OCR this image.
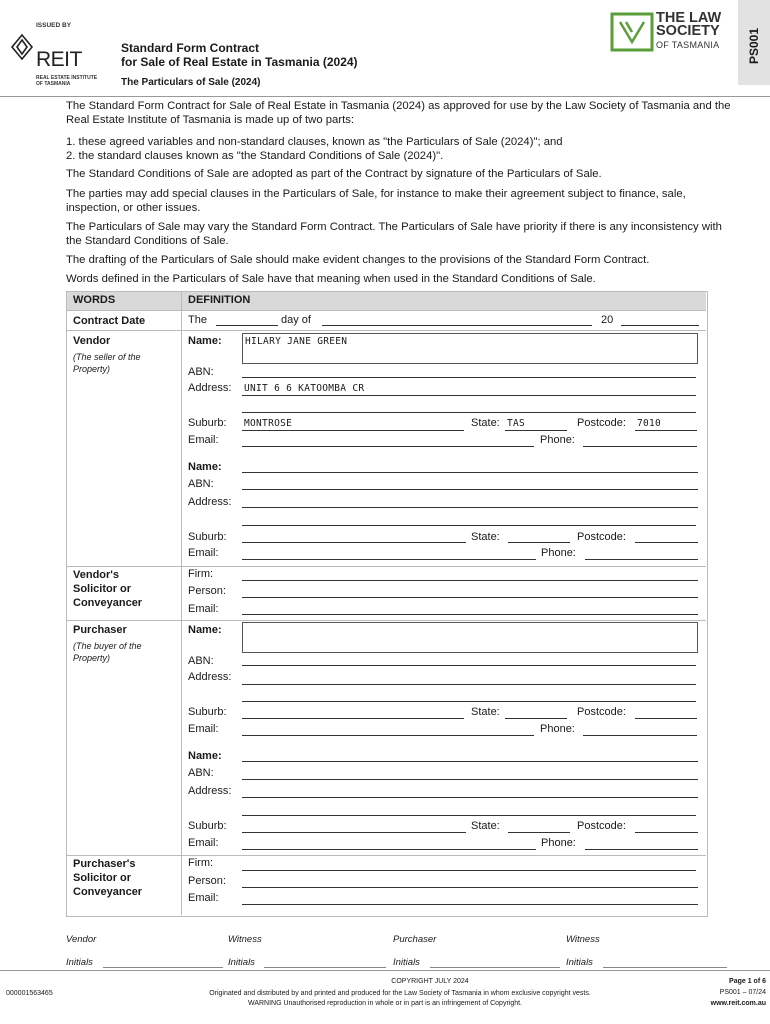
ISSUED BY
REIT
REAL ESTATE INSTITUTE
OF TASMANIA
Standard Form Contract
for Sale of Real Estate in Tasmania (2024)
The Particulars of Sale (2024)
THE LAW
SOCIETY
OF TASMANIA PS001
The Standard Form Contract for Sale of Real Estate in Tasmania (2024) as approved for use by the Law Society of Tasmania and the Real Estate Institute of Tasmania is made up of two parts:
1. these agreed variables and non-standard clauses, known as "the Particulars of Sale (2024)"; and
2. the standard clauses known as "the Standard Conditions of Sale (2024)".
The Standard Conditions of Sale are adopted as part of the Contract by signature of the Particulars of Sale.
The parties may add special clauses in the Particulars of Sale, for instance to make their agreement subject to finance, sale, inspection, or other issues.
The Particulars of Sale may vary the Standard Form Contract. The Particulars of Sale have priority if there is any inconsistency with the Standard Conditions of Sale.
The drafting of the Particulars of Sale should make evident changes to the provisions of the Standard Form Contract.
Words defined in the Particulars of Sale have that meaning when used in the Standard Conditions of Sale.
WORDS	DEFINITION
Contract Date	The	day of	20
Vendor
(The seller of the Property)
Name: HILARY JANE GREEN
ABN:
Address: UNIT 6 6 KATOOMBA CR
Suburb: MONTROSE	State: TAS	Postcode: 7010
Email:	Phone:
Name:
ABN:
Address:
Suburb:	State:	Postcode:
Email:	Phone:
Vendor's
Solicitor or
Conveyancer
Firm:
Person:
Email:
Purchaser
(The buyer of the Property)
Name:
ABN:
Address:
Suburb:	State:	Postcode:
Email:	Phone:
Name:
ABN:
Address:
Suburb:	State:	Postcode:
Email:	Phone:
Purchaser's
Solicitor or
Conveyancer
Firm:
Person:
Email:
Vendor	Witness	Purchaser	Witness
Initials	Initials	Initials	Initials
000001563465
COPYRIGHT JULY 2024
Originated and distributed by and printed and produced for the Law Society of Tasmania in whom exclusive copyright vests.
WARNING Unauthorised reproduction in whole or in part is an infringement of Copyright.
Page 1 of 6
PS001 – 07/24
www.reit.com.au
